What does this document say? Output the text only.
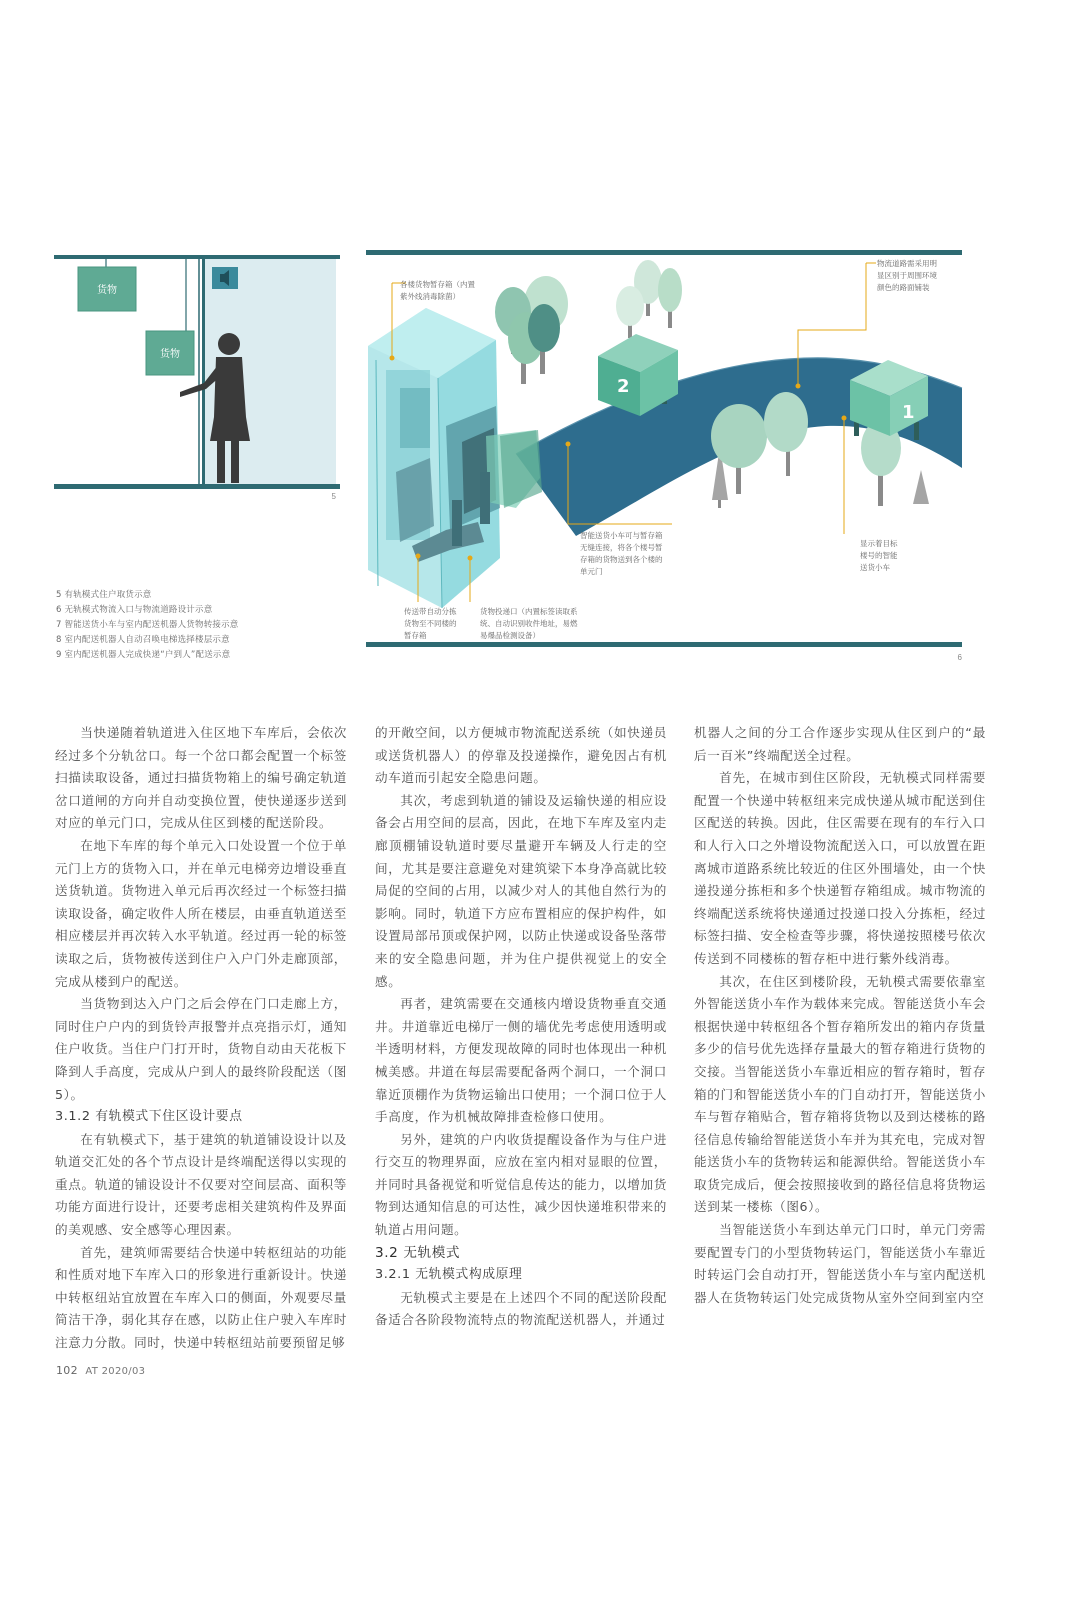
货物
货物
5
2
1
6
各楼货物暂存箱（内置
紫外线消毒除菌）
物流道路需采用明
显区别于周围环境
颜色的路面铺装
智能送货小车可与暂存箱
无缝连接，将各个楼号暂
存箱的货物送到各个楼的
单元门
显示着目标
楼号的智能
送货小车
传送带自动分拣
货物至不同楼的
暂存箱
货物投递口（内置标签读取系
统、自动识别收件地址，易燃
易爆品检测设备）
5 有轨模式住户取货示意
6 无轨模式物流入口与物流道路设计示意
7 智能送货小车与室内配送机器人货物转接示意
8 室内配送机器人自动召唤电梯选择楼层示意
9 室内配送机器人完成快递“户到人”配送示意

当快递随着轨道进入住区地下车库后，会依次经过多个分轨岔口。每一个岔口都会配置一个标签扫描读取设备，通过扫描货物箱上的编号确定轨道岔口道闸的方向并自动变换位置，使快递逐步送到对应的单元门口，完成从住区到楼的配送阶段。

在地下车库的每个单元入口处设置一个位于单元门上方的货物入口，并在单元电梯旁边增设垂直送货轨道。货物进入单元后再次经过一个标签扫描读取设备，确定收件人所在楼层，由垂直轨道送至相应楼层并再次转入水平轨道。经过再一轮的标签读取之后，货物被传送到住户入户门外走廊顶部，完成从楼到户的配送。

当货物到达入户门之后会停在门口走廊上方，同时住户户内的到货铃声报警并点亮指示灯，通知住户收货。当住户门打开时，货物自动由天花板下降到人手高度，完成从户到人的最终阶段配送（图5）。

3.1.2 有轨模式下住区设计要点

在有轨模式下，基于建筑的轨道铺设设计以及轨道交汇处的各个节点设计是终端配送得以实现的重点。轨道的铺设设计不仅要对空间层高、面积等功能方面进行设计，还要考虑相关建筑构件及界面的美观感、安全感等心理因素。

首先，建筑师需要结合快递中转枢纽站的功能和性质对地下车库入口的形象进行重新设计。快递中转枢纽站宜放置在车库入口的侧面，外观要尽量简洁干净，弱化其存在感，以防止住户驶入车库时注意力分散。同时，快递中转枢纽站前要预留足够

的开敞空间，以方便城市物流配送系统（如快递员或送货机器人）的停靠及投递操作，避免因占有机动车道而引起安全隐患问题。

其次，考虑到轨道的铺设及运输快递的相应设备会占用空间的层高，因此，在地下车库及室内走廊顶棚铺设轨道时要尽量避开车辆及人行走的空间，尤其是要注意避免对建筑梁下本身净高就比较局促的空间的占用，以减少对人的其他自然行为的影响。同时，轨道下方应布置相应的保护构件，如设置局部吊顶或保护网，以防止快递或设备坠落带来的安全隐患问题，并为住户提供视觉上的安全感。

再者，建筑需要在交通核内增设货物垂直交通井。井道靠近电梯厅一侧的墙优先考虑使用透明或半透明材料，方便发现故障的同时也体现出一种机械美感。井道在每层需要配备两个洞口，一个洞口靠近顶棚作为货物运输出口使用；一个洞口位于人手高度，作为机械故障排查检修口使用。

另外，建筑的户内收货提醒设备作为与住户进行交互的物理界面，应放在室内相对显眼的位置，并同时具备视觉和听觉信息传达的能力，以增加货物到达通知信息的可达性，减少因快递堆积带来的轨道占用问题。

3.2 无轨模式
3.2.1 无轨模式构成原理

无轨模式主要是在上述四个不同的配送阶段配备适合各阶段物流特点的物流配送机器人，并通过

机器人之间的分工合作逐步实现从住区到户的“最后一百米”终端配送全过程。

首先，在城市到住区阶段，无轨模式同样需要配置一个快递中转枢纽来完成快递从城市配送到住区配送的转换。因此，住区需要在现有的车行入口和人行入口之外增设物流配送入口，可以放置在距离城市道路系统比较近的住区外围墙处，由一个快递投递分拣柜和多个快递暂存箱组成。城市物流的终端配送系统将快递通过投递口投入分拣柜，经过标签扫描、安全检查等步骤，将快递按照楼号依次传送到不同楼栋的暂存柜中进行紫外线消毒。

其次，在住区到楼阶段，无轨模式需要依靠室外智能送货小车作为载体来完成。智能送货小车会根据快递中转枢纽各个暂存箱所发出的箱内存货量多少的信号优先选择存量最大的暂存箱进行货物的交接。当智能送货小车靠近相应的暂存箱时，暂存箱的门和智能送货小车的门自动打开，智能送货小车与暂存箱贴合，暂存箱将货物以及到达楼栋的路径信息传输给智能送货小车并为其充电，完成对智能送货小车的货物转运和能源供给。智能送货小车取货完成后，便会按照接收到的路径信息将货物运送到某一楼栋（图6）。

当智能送货小车到达单元门口时，单元门旁需要配置专门的小型货物转运门，智能送货小车靠近时转运门会自动打开，智能送货小车与室内配送机器人在货物转运门处完成货物从室外空间到室内空

102 AT 2020/03
